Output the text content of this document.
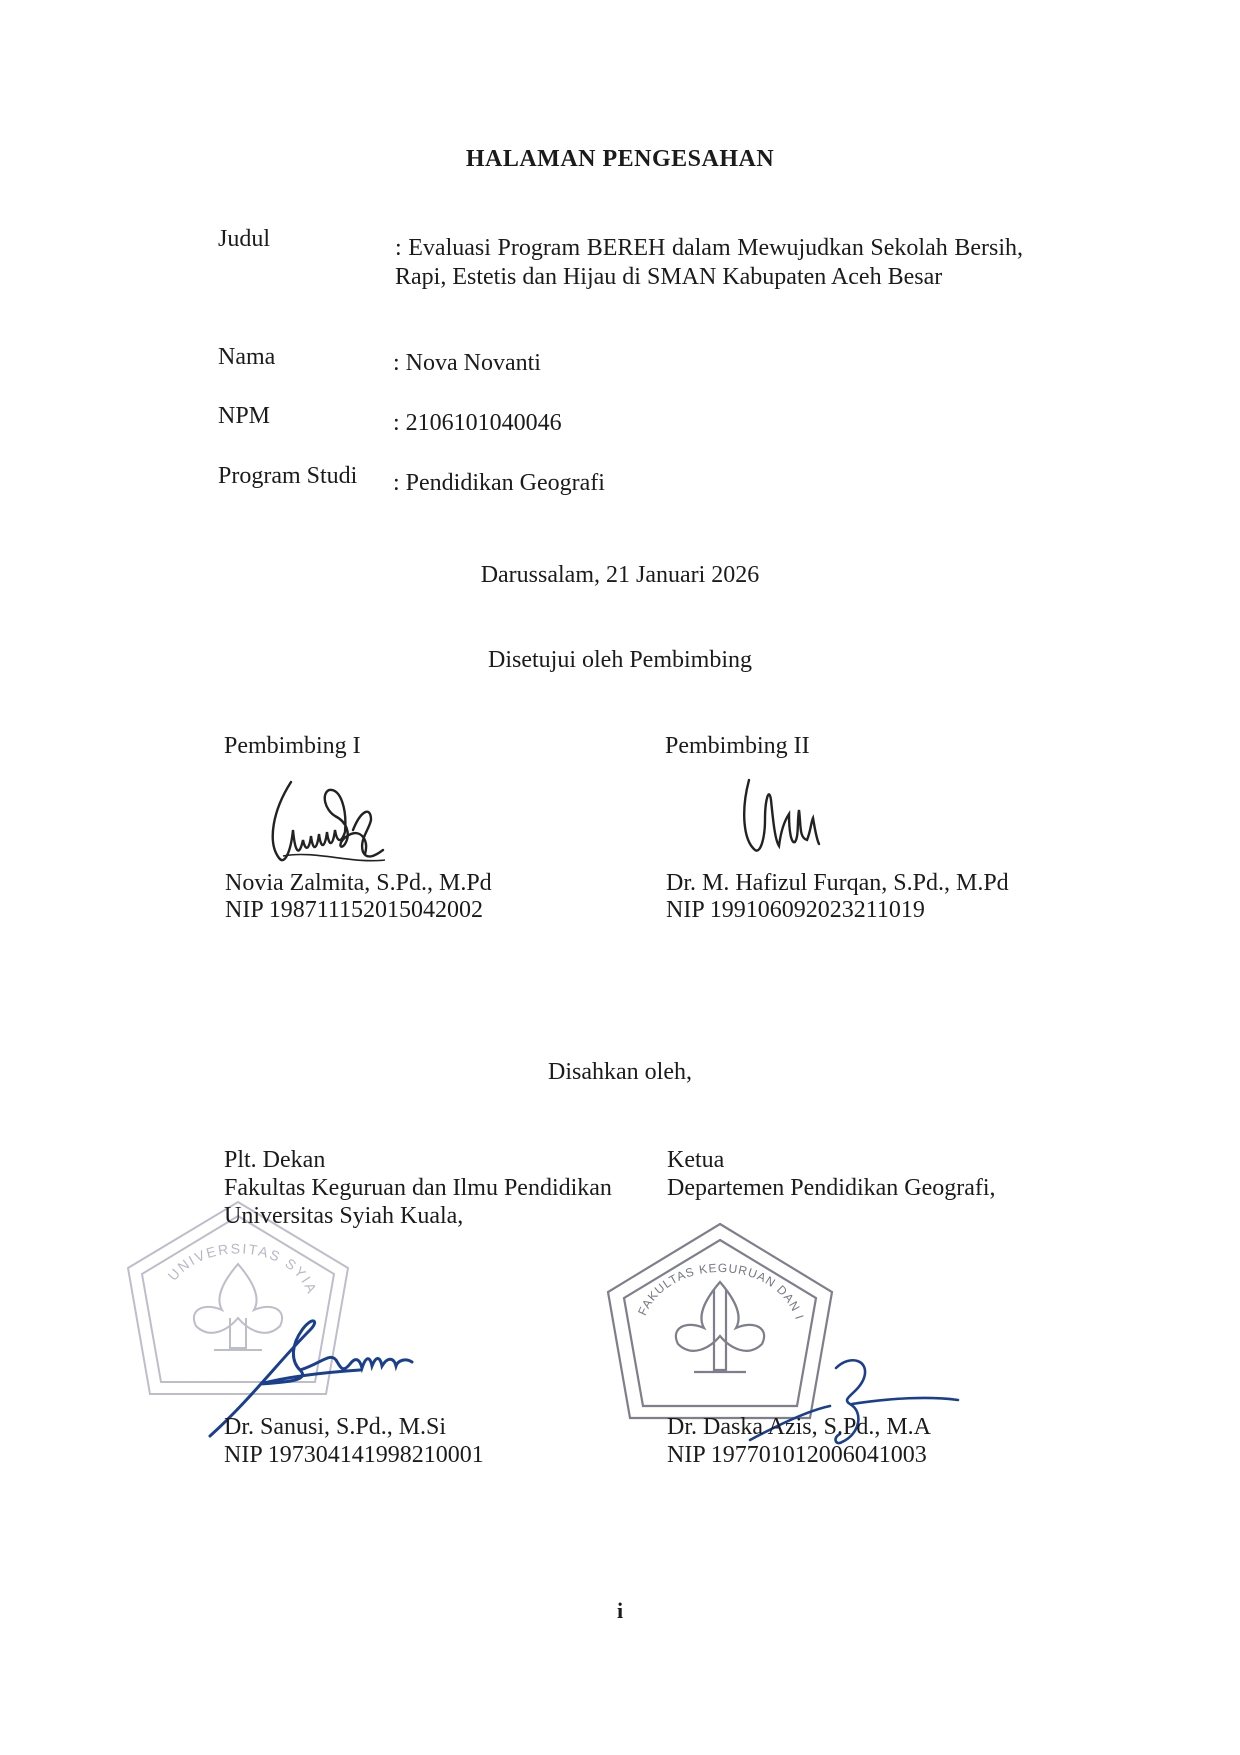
HALAMAN PENGESAHAN
Judul	: Evaluasi Program BEREH dalam Mewujudkan Sekolah Bersih, Rapi, Estetis dan Hijau di SMAN Kabupaten Aceh Besar
Nama	: Nova Novanti
NPM	: 2106101040046
Program Studi : Pendidikan Geografi
Darussalam, 21 Januari 2026
Disetujui oleh Pembimbing
Pembimbing I
Novia Zalmita, S.Pd., M.Pd
NIP 198711152015042002
Pembimbing II
Dr. M. Hafizul Furqan, S.Pd., M.Pd
NIP 199106092023211019
Disahkan oleh,
UNIVERSITAS SYIAH KUALA
FAKULTAS KEGURUAN DAN ILMU PENDIDIKAN
Plt. Dekan
Fakultas Keguruan dan Ilmu Pendidikan
Universitas Syiah Kuala,
Dr. Sanusi, S.Pd., M.Si
NIP 197304141998210001
Ketua
Departemen Pendidikan Geografi,
Dr. Daska Azis, S.Pd., M.A
NIP 197701012006041003
i
